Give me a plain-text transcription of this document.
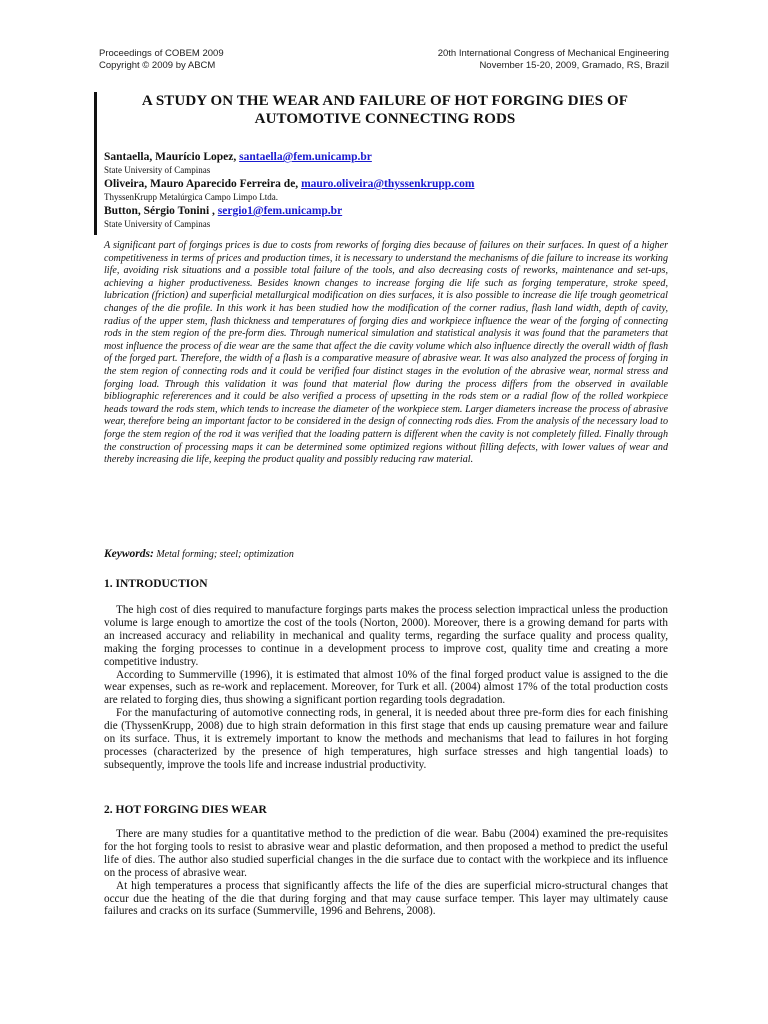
Proceedings of COBEM 2009
Copyright © 2009 by ABCM
20th International Congress of Mechanical Engineering
November 15-20, 2009, Gramado, RS, Brazil
A STUDY ON THE WEAR AND FAILURE OF HOT FORGING DIES OF
AUTOMOTIVE CONNECTING RODS
Santaella, Maurício Lopez, santaella@fem.unicamp.br
State University of Campinas
Oliveira, Mauro Aparecido Ferreira de, mauro.oliveira@thyssenkrupp.com
ThyssenKrupp Metalúrgica Campo Limpo Ltda.
Button, Sérgio Tonini , sergio1@fem.unicamp.br
State University of Campinas
A significant part of forgings prices is due to costs from reworks of forging dies because of failures on their surfaces. In quest of a higher competitiveness in terms of prices and production times, it is necessary to understand the mechanisms of die failure to increase its working life, avoiding risk situations and a possible total failure of the tools, and also decreasing costs of reworks, maintenance and set-ups, achieving a higher productiveness. Besides known changes to increase forging die life such as forging temperature, stroke speed, lubrication (friction) and superficial metallurgical modification on dies surfaces, it is also possible to increase die life trough geometrical changes of the die profile. In this work it has been studied how the modification of the corner radius, flash land width, depth of cavity, radius of the upper stem, flash thickness and temperatures of forging dies and workpiece influence the wear of the forging of connecting rods in the stem region of the pre-form dies. Through numerical simulation and statistical analysis it was found that the parameters that most influence the process of die wear are the same that affect the die cavity volume which also influence directly the overall width of flash of the forged part. Therefore, the width of a flash is a comparative measure of abrasive wear. It was also analyzed the process of forging in the stem region of connecting rods and it could be verified four distinct stages in the evolution of the abrasive wear, normal stress and forging load. Through this validation it was found that material flow during the process differs from the observed in available bibliographic refererences and it could be also verified a process of upsetting in the rods stem or a radial flow of the rolled workpiece heads toward the rods stem, which tends to increase the diameter of the workpiece stem. Larger diameters increase the process of abrasive wear, therefore being an important factor to be considered in the design of connecting rods dies. From the analysis of the necessary load to forge the stem region of the rod it was verified that the loading pattern is different when the cavity is not completely filled. Finally through the construction of processing maps it can be determined some optimized regions without filling defects, with lower values of wear and thereby increasing die life, keeping the product quality and possibly reducing raw material.
Keywords: Metal forming; steel; optimization
1. INTRODUCTION

The high cost of dies required to manufacture forgings parts makes the process selection impractical unless the production volume is large enough to amortize the cost of the tools (Norton, 2000). Moreover, there is a growing demand for parts with an increased accuracy and reliability in mechanical and quality terms, regarding the surface quality and process quality, making the forging processes to continue in a development process to improve cost, quality time and creating a more competitive industry.

According to Summerville (1996), it is estimated that almost 10% of the final forged product value is assigned to the die wear expenses, such as re-work and replacement. Moreover, for Turk et all. (2004) almost 17% of the total production costs are related to forging dies, thus showing a significant portion regarding tools degradation.

For the manufacturing of automotive connecting rods, in general, it is needed about three pre-form dies for each finishing die (ThyssenKrupp, 2008) due to high strain deformation in this first stage that ends up causing premature wear and failure on its surface. Thus, it is extremely important to know the methods and mechanisms that lead to failures in hot forging processes (characterized by the presence of high temperatures, high surface stresses and high tangential loads) to subsequently, improve the tools life and increase industrial productivity.

2. HOT FORGING DIES WEAR

There are many studies for a quantitative method to the prediction of die wear. Babu (2004) examined the pre-requisites for the hot forging tools to resist to abrasive wear and plastic deformation, and then proposed a method to predict the useful life of dies. The author also studied superficial changes in the die surface due to contact with the workpiece and its influence on the process of abrasive wear.

At high temperatures a process that significantly affects the life of the dies are superficial micro-structural changes that occur due the heating of the die that during forging and that may cause surface temper. This layer may ultimately cause failures and cracks on its surface (Summerville, 1996 and Behrens, 2008).
